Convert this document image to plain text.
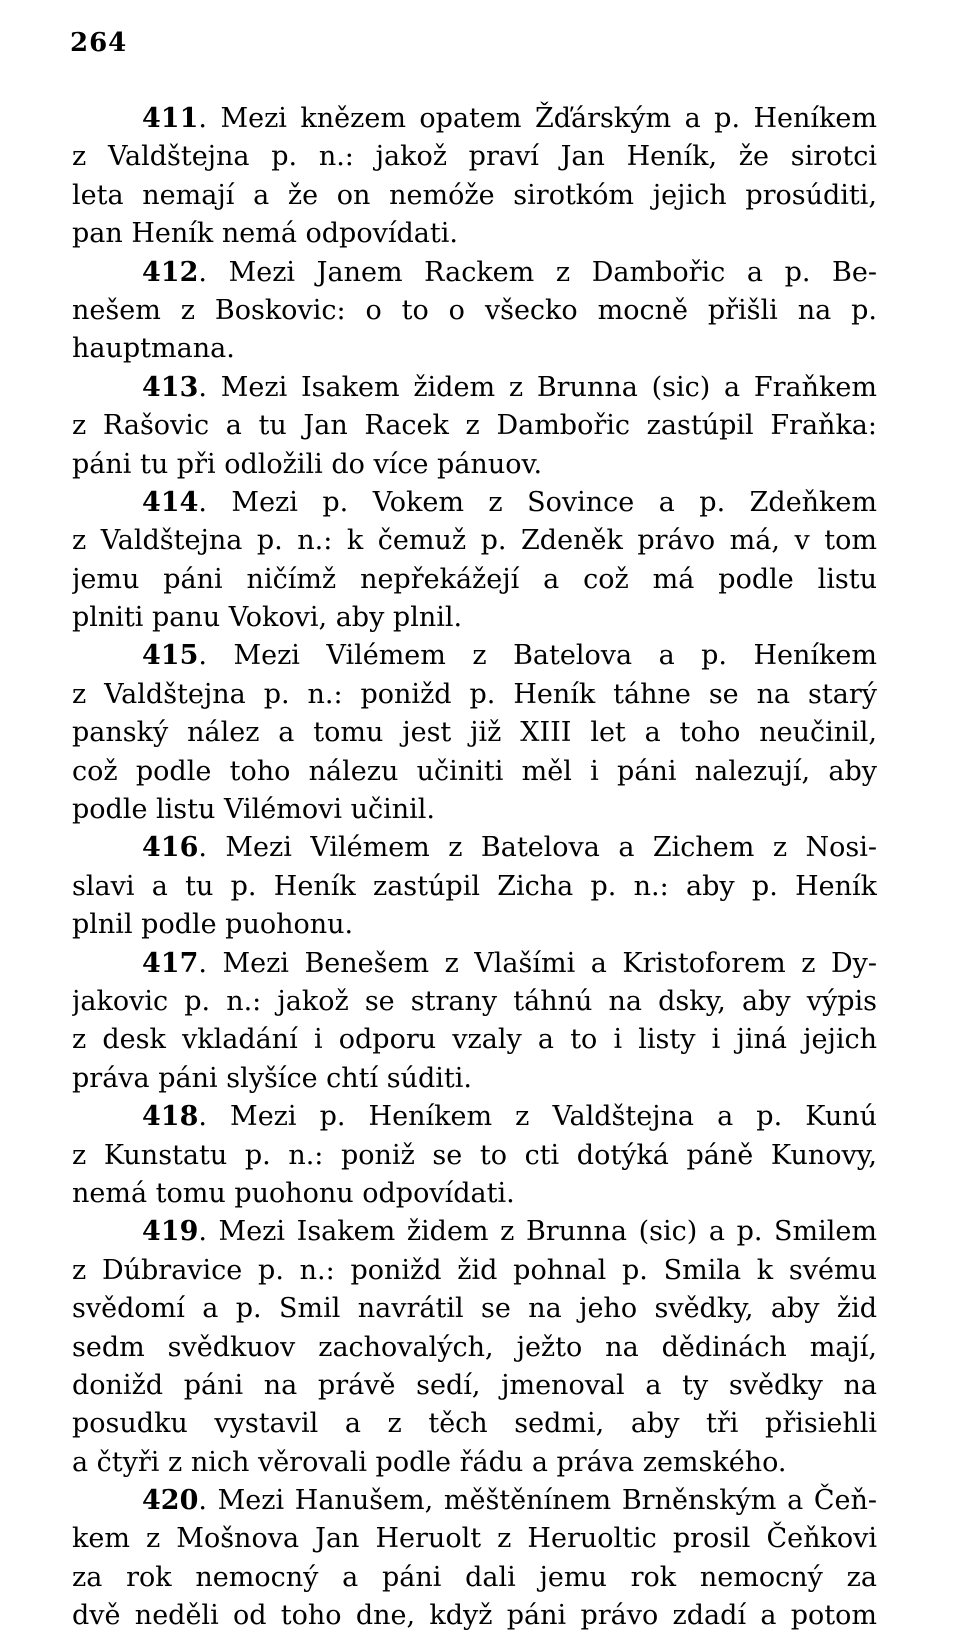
264
411. Mezi knězem opatem Žďárským a p. Heníkem
z Valdštejna p. n.: jakož praví Jan Heník, že sirotci
leta nemají a že on nemóže sirotkóm jejich prosúditi,
pan Heník nemá odpovídati.
412. Mezi Janem Rackem z Dambořic a p. Be-
nešem z Boskovic: o to o všecko mocně přišli na p.
hauptmana.
413. Mezi Isakem židem z Brunna (sic) a Fraňkem
z Rašovic a tu Jan Racek z Dambořic zastúpil Fraňka:
páni tu při odložili do více pánuov.
414. Mezi p. Vokem z Sovince a p. Zdeňkem
z Valdštejna p. n.: k čemuž p. Zdeněk právo má, v tom
jemu páni ničímž nepřekážejí a což má podle listu
plniti panu Vokovi, aby plnil.
415. Mezi Vilémem z Batelova a p. Heníkem
z Valdštejna p. n.: ponižd p. Heník táhne se na starý
panský nález a tomu jest již XIII let a toho neučinil,
což podle toho nálezu učiniti měl i páni nalezují, aby
podle listu Vilémovi učinil.
416. Mezi Vilémem z Batelova a Zichem z Nosi-
slavi a tu p. Heník zastúpil Zicha p. n.: aby p. Heník
plnil podle puohonu.
417. Mezi Benešem z Vlašími a Kristoforem z Dy-
jakovic p. n.: jakož se strany táhnú na dsky, aby výpis
z desk vkladání i odporu vzaly a to i listy i jiná jejich
práva páni slyšíce chtí súditi.
418. Mezi p. Heníkem z Valdštejna a p. Kunú
z Kunstatu p. n.: poniž se to cti dotýká páně Kunovy,
nemá tomu puohonu odpovídati.
419. Mezi Isakem židem z Brunna (sic) a p. Smilem
z Dúbravice p. n.: ponižd žid pohnal p. Smila k svému
svědomí a p. Smil navrátil se na jeho svědky, aby žid
sedm svědkuov zachovalých, ježto na dědinách mají,
donižd páni na právě sedí, jmenoval a ty svědky na
posudku vystavil a z těch sedmi, aby tři přisiehli
a čtyři z nich věrovali podle řádu a práva zemského.
420. Mezi Hanušem, měštěnínem Brněnským a Čeň-
kem z Mošnova Jan Heruolt z Heruoltic prosil Čeňkovi
za rok nemocný a páni dali jemu rok nemocný za
dvě neděli od toho dne, když páni právo zdadí a potom
